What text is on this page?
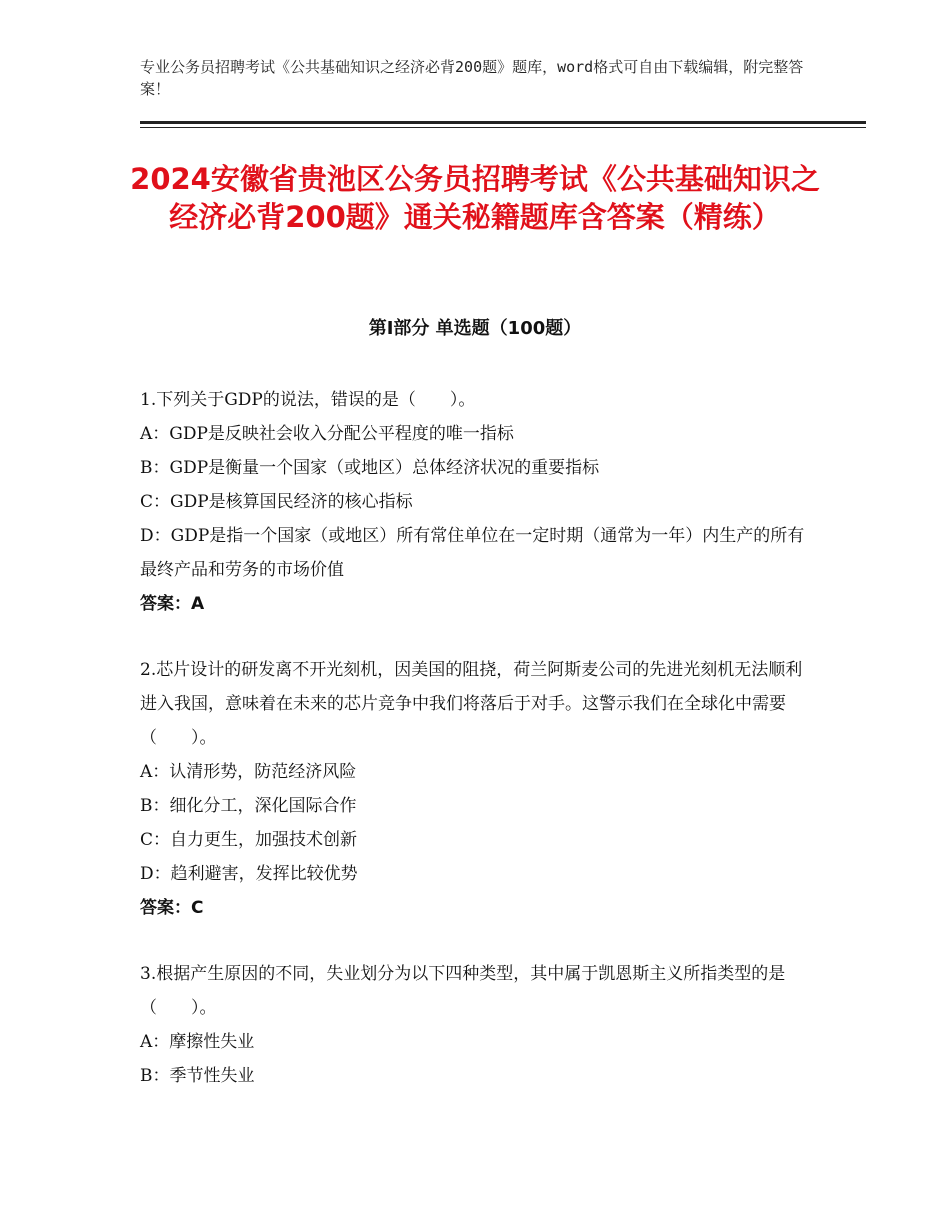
专业公务员招聘考试《公共基础知识之经济必背200题》题库，word格式可自由下载编辑，附完整答案！
2024安徽省贵池区公务员招聘考试《公共基础知识之经济必背200题》通关秘籍题库含答案（精练）
第Ⅰ部分 单选题（100题）
1.下列关于GDP的说法，错误的是（　　）。
A：GDP是反映社会收入分配公平程度的唯一指标
B：GDP是衡量一个国家（或地区）总体经济状况的重要指标
C：GDP是核算国民经济的核心指标
D：GDP是指一个国家（或地区）所有常住单位在一定时期（通常为一年）内生产的所有最终产品和劳务的市场价值
答案：A
2.芯片设计的研发离不开光刻机，因美国的阻挠，荷兰阿斯麦公司的先进光刻机无法顺利进入我国，意味着在未来的芯片竞争中我们将落后于对手。这警示我们在全球化中需要（　　）。
A：认清形势，防范经济风险
B：细化分工，深化国际合作
C：自力更生，加强技术创新
D：趋利避害，发挥比较优势
答案：C
3.根据产生原因的不同，失业划分为以下四种类型，其中属于凯恩斯主义所指类型的是（　　）。
A：摩擦性失业
B：季节性失业
